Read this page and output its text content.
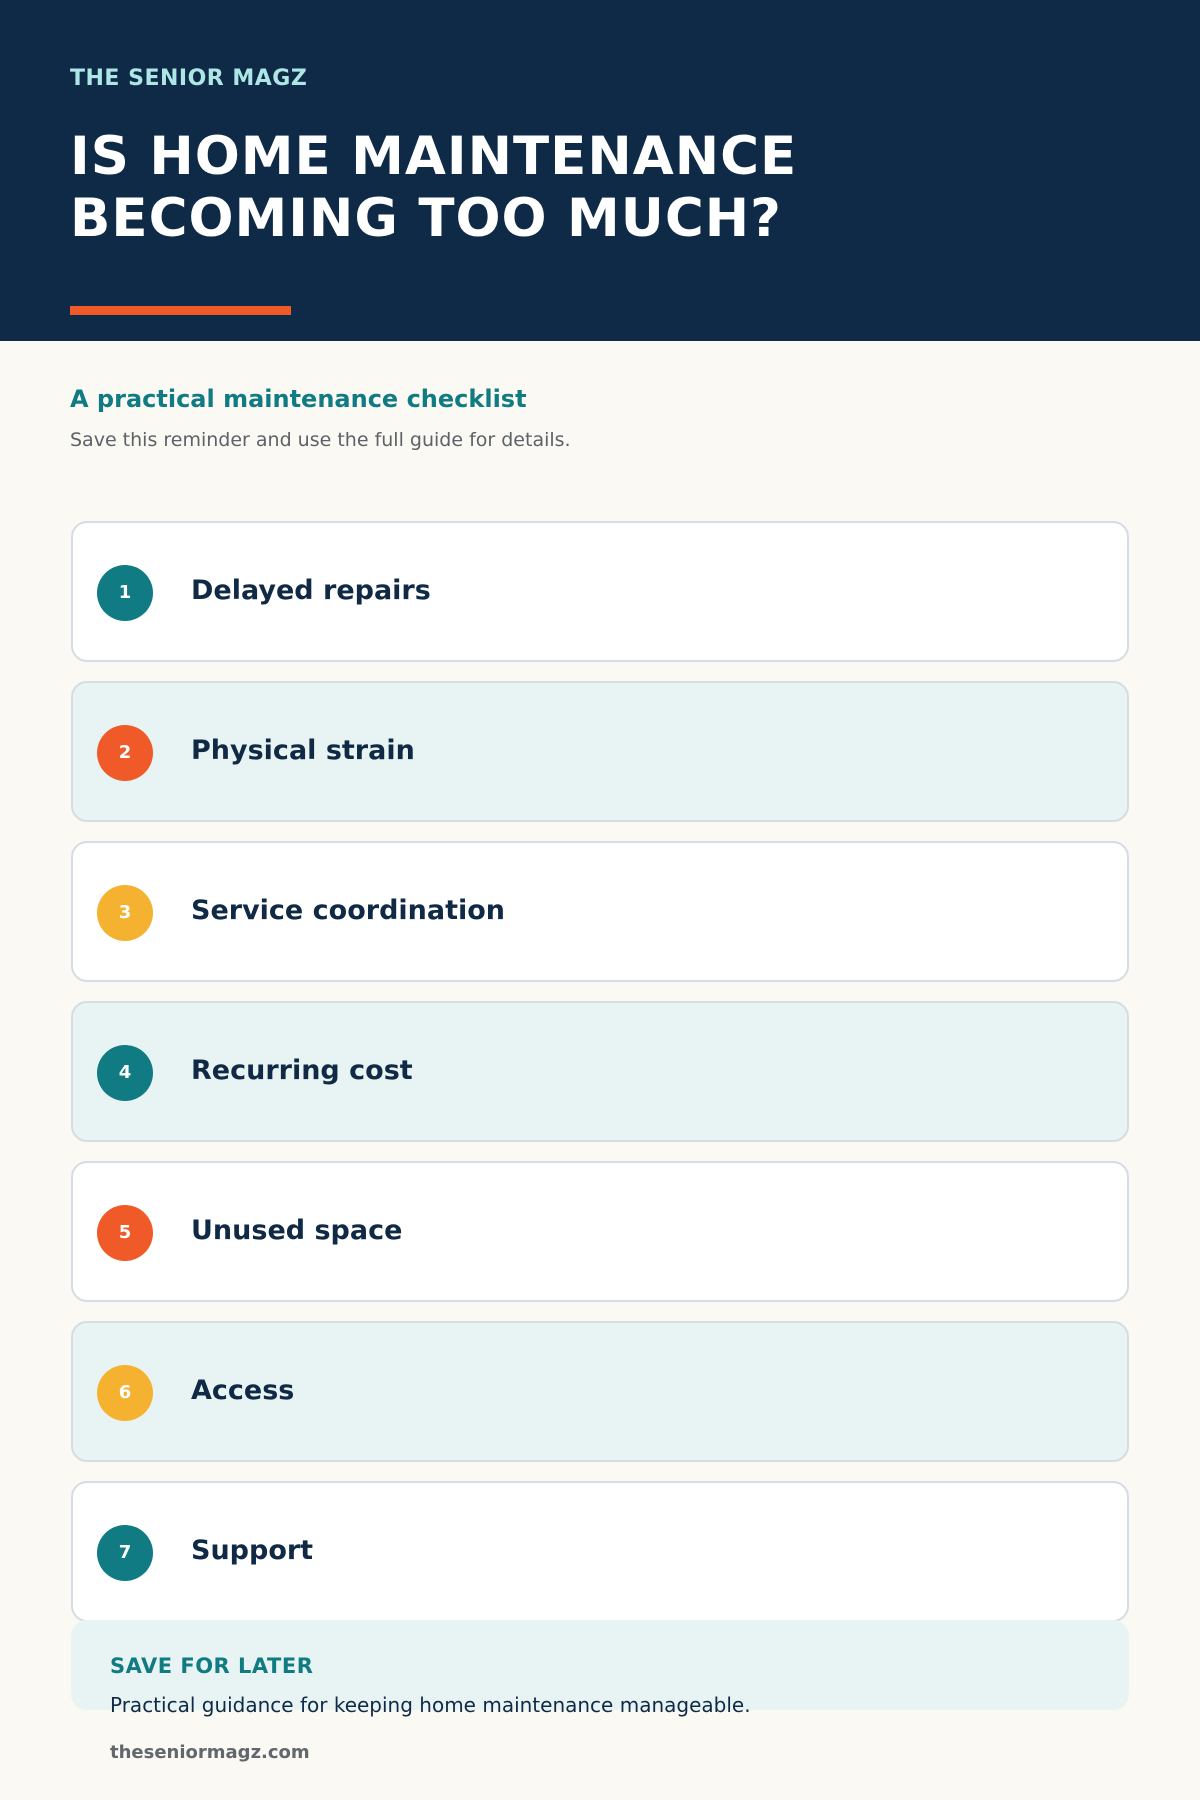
THE SENIOR MAGZ
IS HOME MAINTENANCE
BECOMING TOO MUCH?
A practical maintenance checklist
Save this reminder and use the full guide for details.
1	Delayed repairs
2	Physical strain
3	Service coordination
4	Recurring cost
5	Unused space
6	Access
7	Support
SAVE FOR LATER
Practical guidance for keeping home maintenance manageable.
theseniormagz.com
